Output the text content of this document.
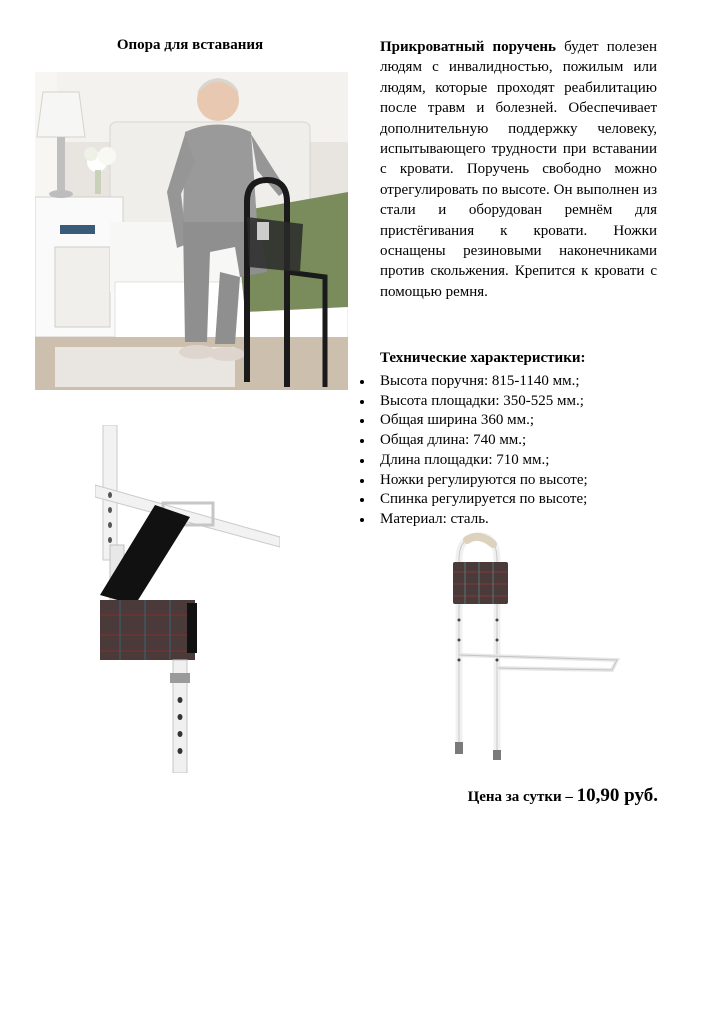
Опора для вставания	Прикроватный поручень будет полезен людям с инвалидностью, пожилым или людям, которые проходят реабилитацию после травм и болезней. Обеспечивает дополнительную поддержку человеку, испытывающего трудности при вставании с кровати. Поручень свободно можно отрегулировать по высоте. Он выполнен из стали и оборудован ремнём для пристёгивания к кровати. Ножки оснащены резиновыми наконечниками против скольжения. Крепится к кровати с помощью ремня.
Технические характеристики:
Высота поручня: 815-1140 мм.;
Высота площадки: 350-525 мм.;
Общая ширина 360 мм.;
Общая длина: 740 мм.;
Длина площадки: 710 мм.;
Ножки регулируются по высоте;
Спинка регулируется по высоте;
Материал: сталь.
Цена за сутки – 10,90 руб.
